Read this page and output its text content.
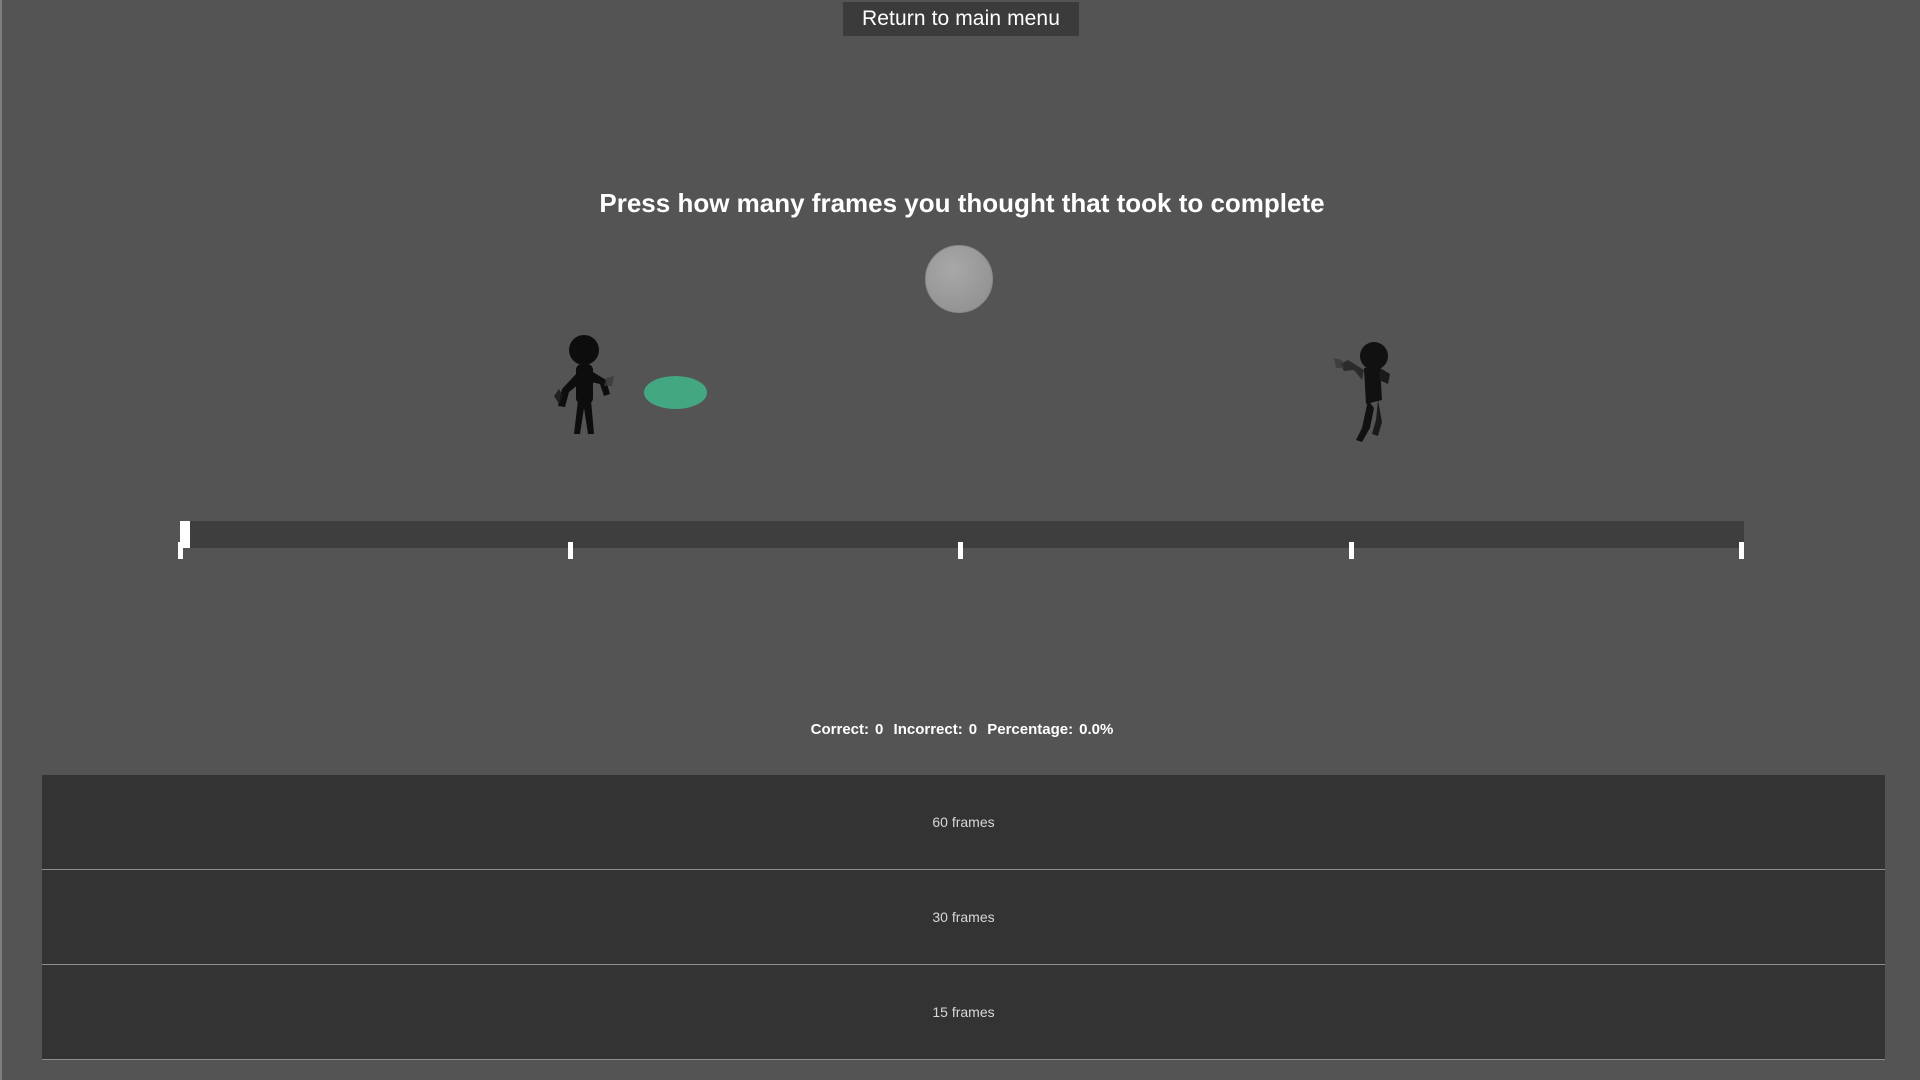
Return to main menu
Press how many frames you thought that took to complete
Correct: 0 Incorrect: 0 Percentage: 0.0%
60 frames
30 frames
15 frames
